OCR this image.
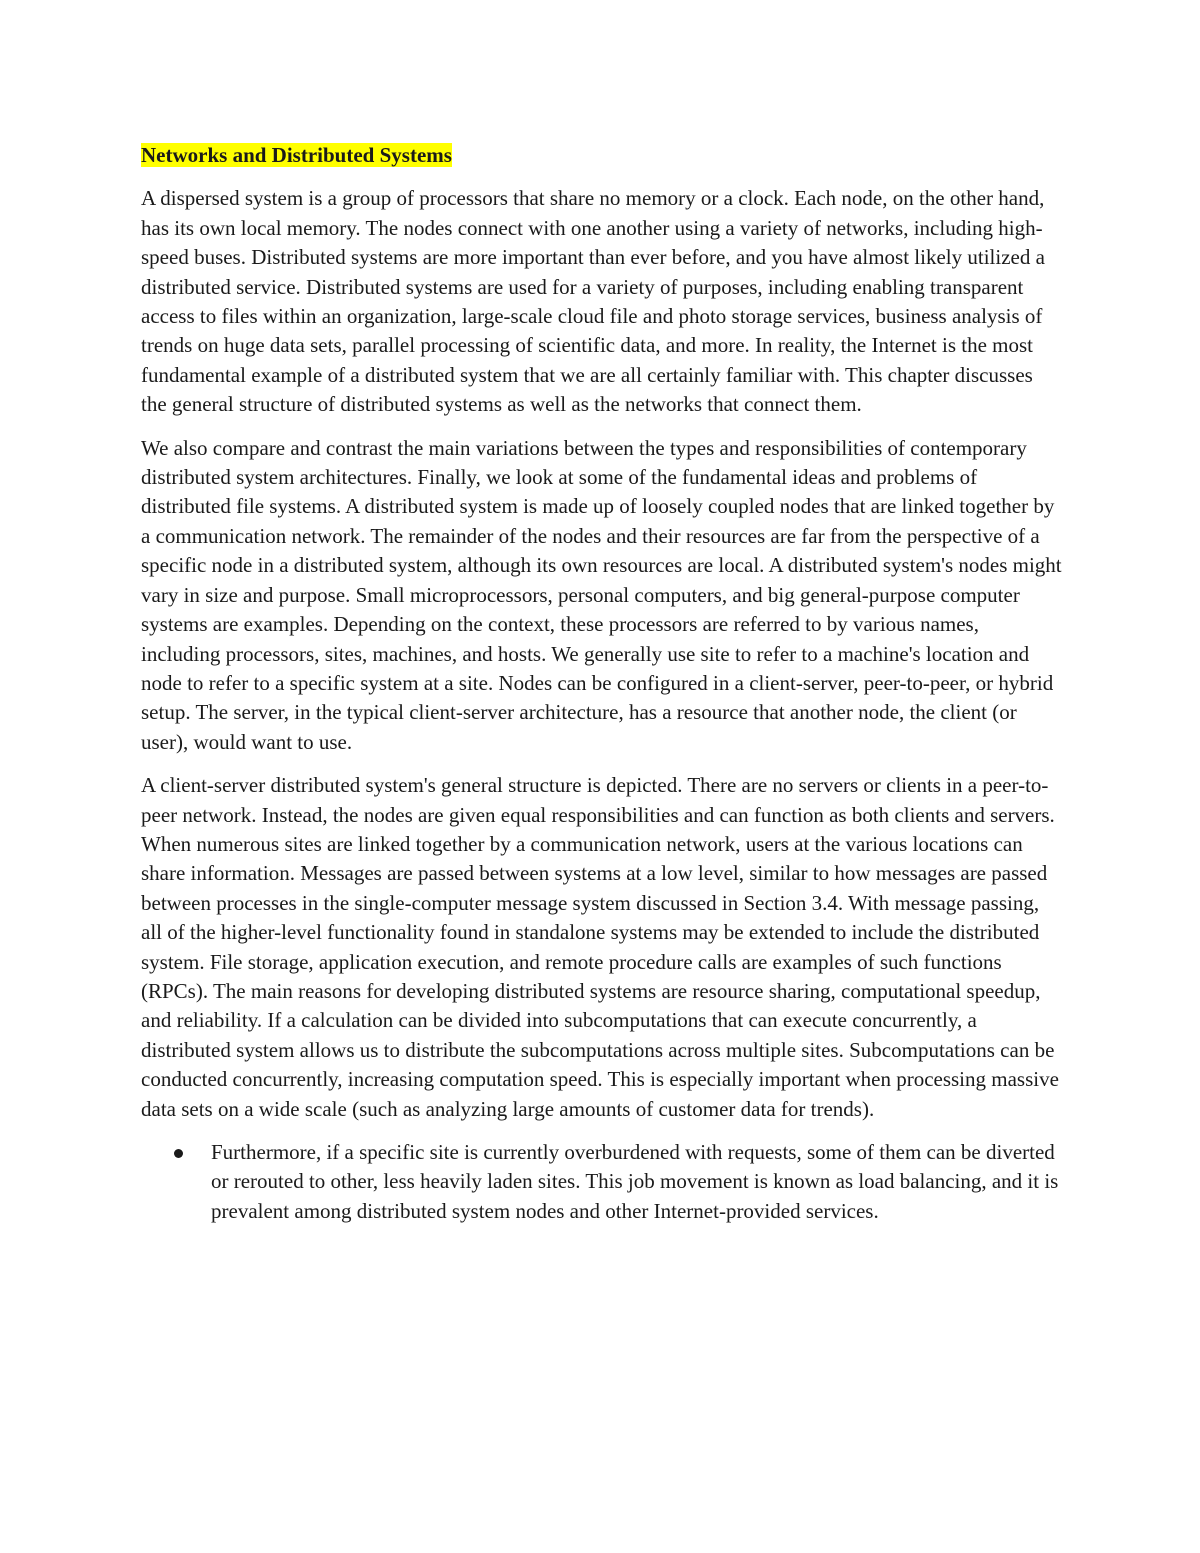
Networks and Distributed Systems

A dispersed system is a group of processors that share no memory or a clock. Each node, on the other hand, has its own local memory. The nodes connect with one another using a variety of networks, including high-speed buses. Distributed systems are more important than ever before, and you have almost likely utilized a distributed service. Distributed systems are used for a variety of purposes, including enabling transparent access to files within an organization, large-scale cloud file and photo storage services, business analysis of trends on huge data sets, parallel processing of scientific data, and more. In reality, the Internet is the most fundamental example of a distributed system that we are all certainly familiar with. This chapter discusses the general structure of distributed systems as well as the networks that connect them.

We also compare and contrast the main variations between the types and responsibilities of contemporary distributed system architectures. Finally, we look at some of the fundamental ideas and problems of distributed file systems. A distributed system is made up of loosely coupled nodes that are linked together by a communication network. The remainder of the nodes and their resources are far from the perspective of a specific node in a distributed system, although its own resources are local. A distributed system's nodes might vary in size and purpose. Small microprocessors, personal computers, and big general-purpose computer systems are examples. Depending on the context, these processors are referred to by various names, including processors, sites, machines, and hosts. We generally use site to refer to a machine's location and node to refer to a specific system at a site. Nodes can be configured in a client-server, peer-to-peer, or hybrid setup. The server, in the typical client-server architecture, has a resource that another node, the client (or user), would want to use.

A client-server distributed system's general structure is depicted. There are no servers or clients in a peer-to-peer network. Instead, the nodes are given equal responsibilities and can function as both clients and servers. When numerous sites are linked together by a communication network, users at the various locations can share information. Messages are passed between systems at a low level, similar to how messages are passed between processes in the single-computer message system discussed in Section 3.4. With message passing, all of the higher-level functionality found in standalone systems may be extended to include the distributed system. File storage, application execution, and remote procedure calls are examples of such functions (RPCs). The main reasons for developing distributed systems are resource sharing, computational speedup, and reliability. If a calculation can be divided into subcomputations that can execute concurrently, a distributed system allows us to distribute the subcomputations across multiple sites. Subcomputations can be conducted concurrently, increasing computation speed. This is especially important when processing massive data sets on a wide scale (such as analyzing large amounts of customer data for trends).

Furthermore, if a specific site is currently overburdened with requests, some of them can be diverted or rerouted to other, less heavily laden sites. This job movement is known as load balancing, and it is prevalent among distributed system nodes and other Internet-provided services.
